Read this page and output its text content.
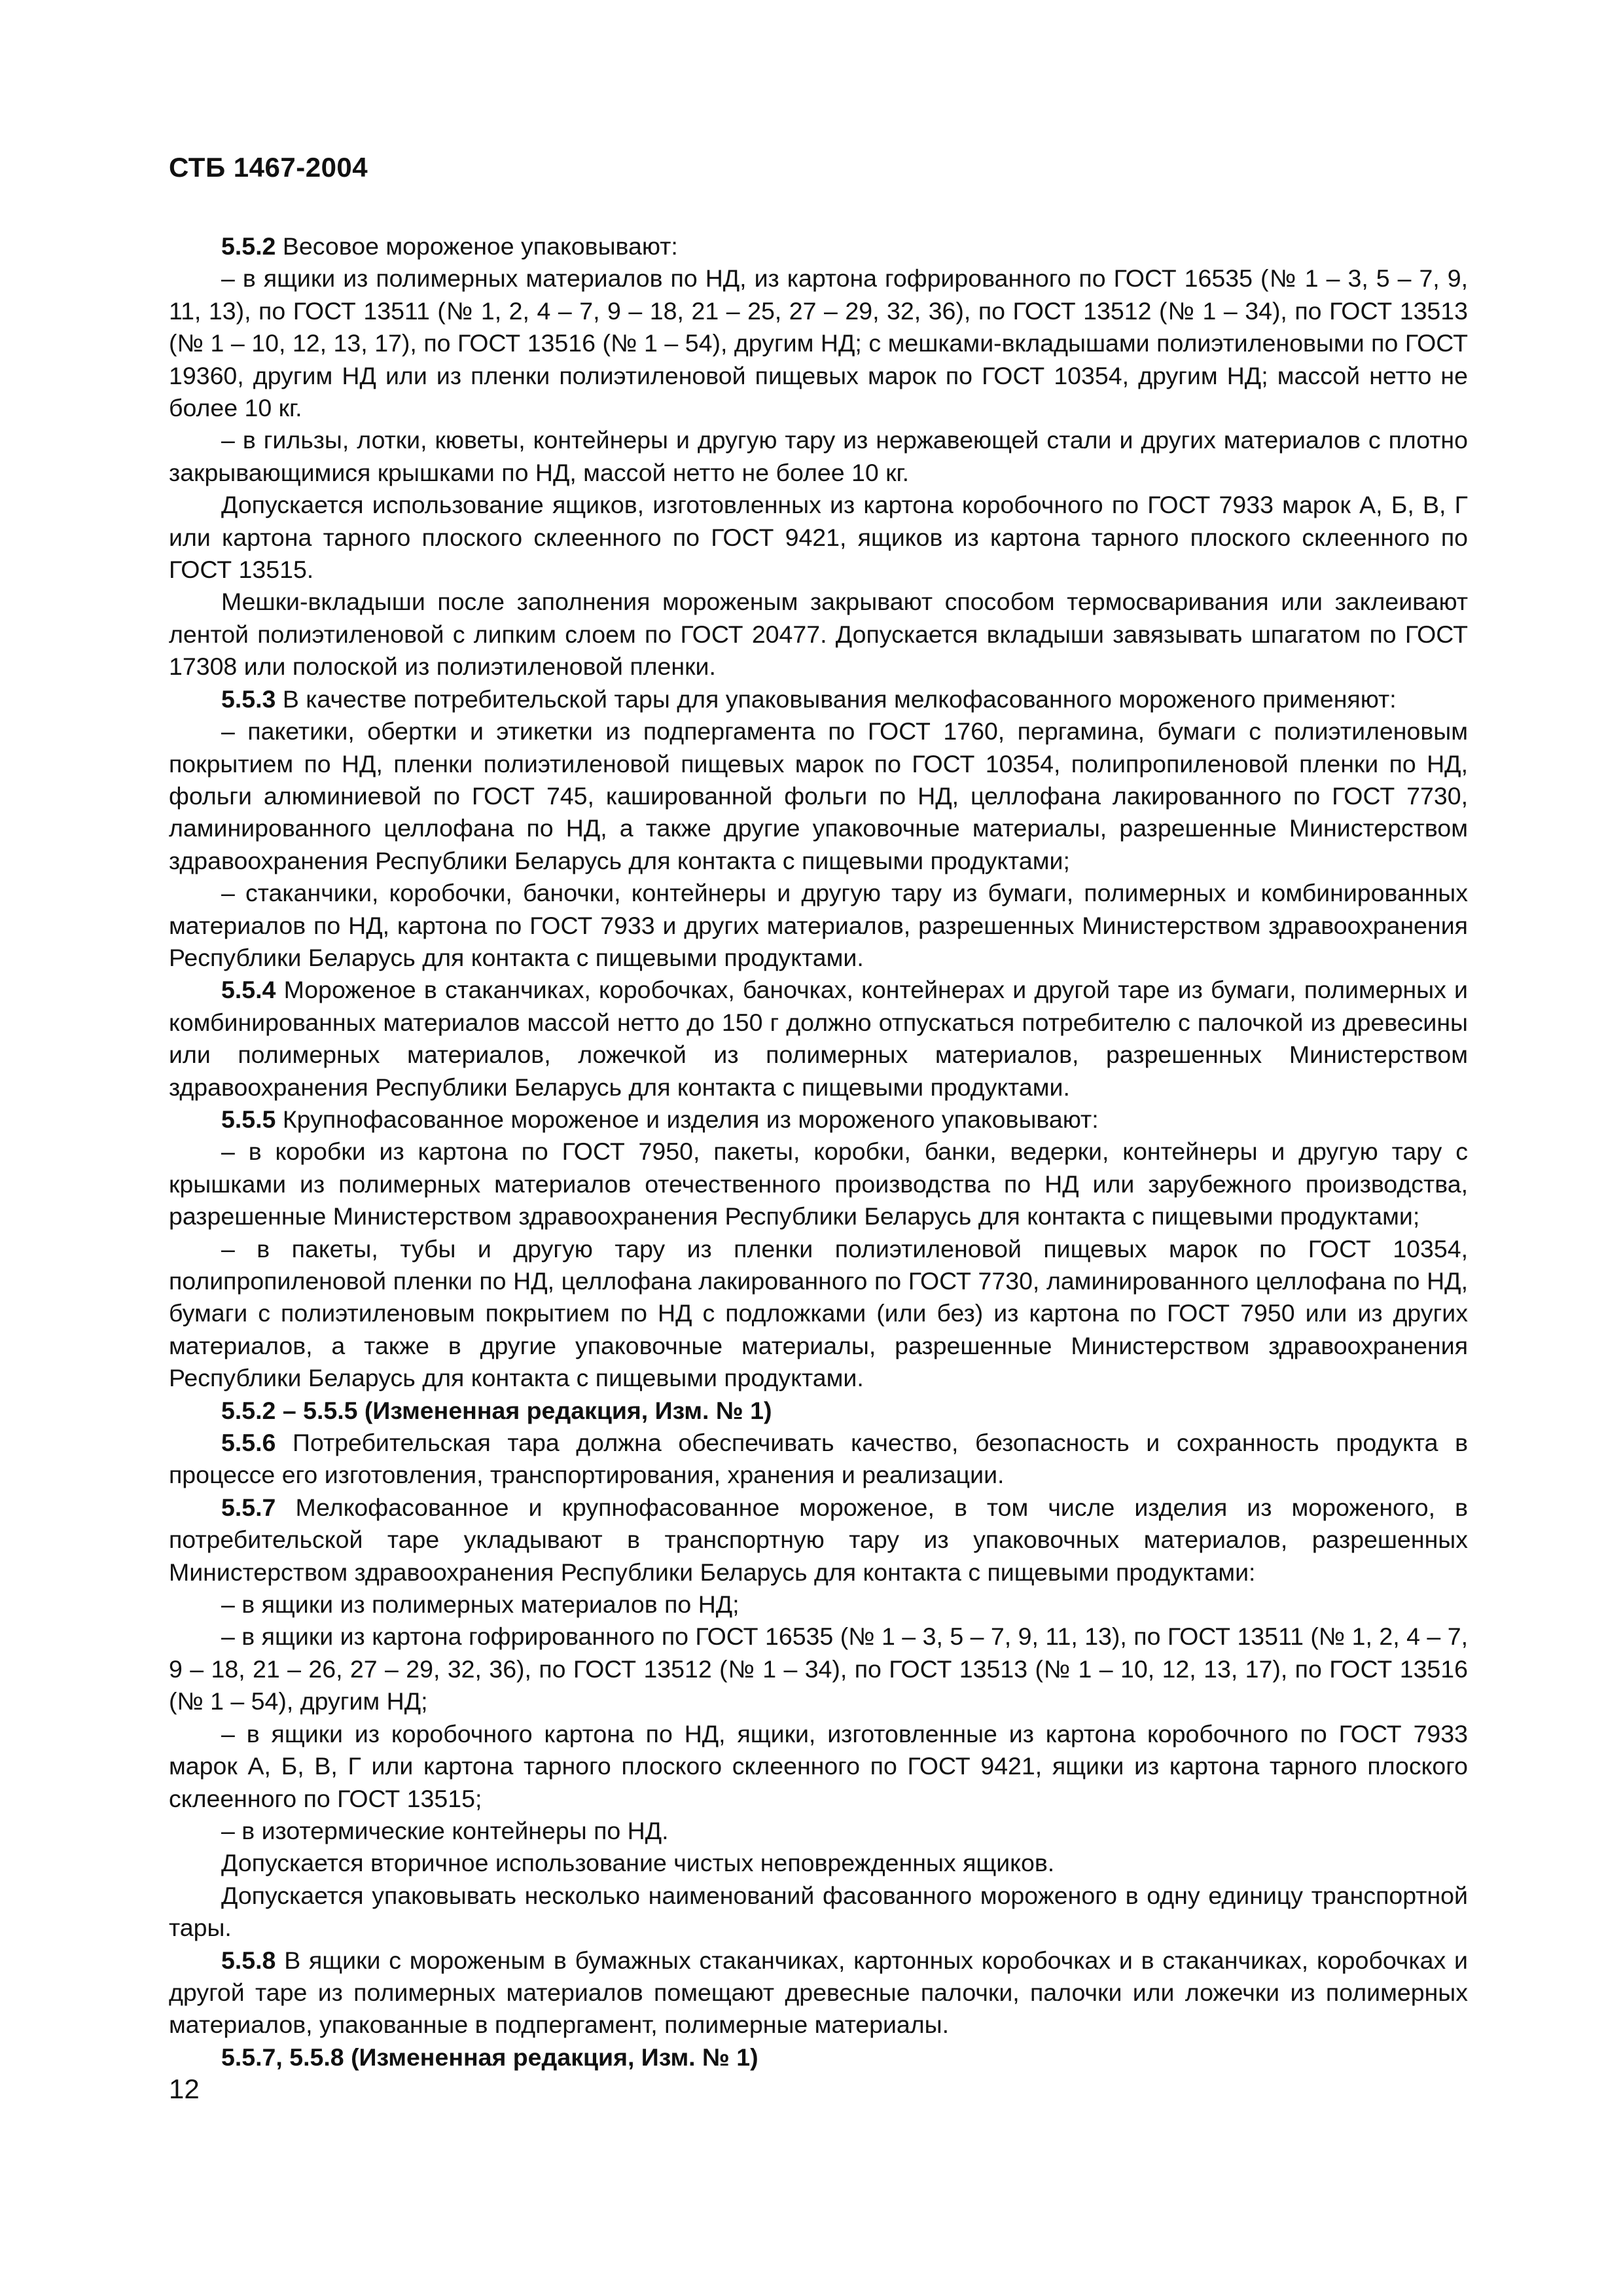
СТБ 1467-2004

5.5.2 Весовое мороженое упаковывают:

– в ящики из полимерных материалов по НД, из картона гофрированного по ГОСТ 16535 (№ 1 – 3, 5 – 7, 9, 11, 13), по ГОСТ 13511 (№ 1, 2, 4 – 7, 9 – 18, 21 – 25, 27 – 29, 32, 36), по ГОСТ 13512 (№ 1 – 34), по ГОСТ 13513 (№ 1 – 10, 12, 13, 17), по ГОСТ 13516 (№ 1 – 54), другим НД; с мешками-вкладышами полиэтиленовыми по ГОСТ 19360, другим НД или из пленки полиэтиленовой пищевых марок по ГОСТ 10354, другим НД; массой нетто не более 10 кг.

– в гильзы, лотки, кюветы, контейнеры и другую тару из нержавеющей стали и других материалов с плотно закрывающимися крышками по НД, массой нетто не более 10 кг.

Допускается использование ящиков, изготовленных из картона коробочного по ГОСТ 7933 марок А, Б, В, Г или картона тарного плоского склеенного по ГОСТ 9421, ящиков из картона тарного плоского склеенного по ГОСТ 13515.

Мешки-вкладыши после заполнения мороженым закрывают способом термосваривания или заклеивают лентой полиэтиленовой с липким слоем по ГОСТ 20477. Допускается вкладыши завязывать шпагатом по ГОСТ 17308 или полоской из полиэтиленовой пленки.

5.5.3 В качестве потребительской тары для упаковывания мелкофасованного мороженого применяют:

– пакетики, обертки и этикетки из подпергамента по ГОСТ 1760, пергамина, бумаги с полиэтиленовым покрытием по НД, пленки полиэтиленовой пищевых марок по ГОСТ 10354, полипропиленовой пленки по НД, фольги алюминиевой по ГОСТ 745, кашированной фольги по НД, целлофана лакированного по ГОСТ 7730, ламинированного целлофана по НД, а также другие упаковочные материалы, разрешенные Министерством здравоохранения Республики Беларусь для контакта с пищевыми продуктами;

– стаканчики, коробочки, баночки, контейнеры и другую тару из бумаги, полимерных и комбинированных материалов по НД, картона по ГОСТ 7933 и других материалов, разрешенных Министерством здравоохранения Республики Беларусь для контакта с пищевыми продуктами.

5.5.4 Мороженое в стаканчиках, коробочках, баночках, контейнерах и другой таре из бумаги, полимерных и комбинированных материалов массой нетто до 150 г должно отпускаться потребителю с палочкой из древесины или полимерных материалов, ложечкой из полимерных материалов, разрешенных Министерством здравоохранения Республики Беларусь для контакта с пищевыми продуктами.

5.5.5 Крупнофасованное мороженое и изделия из мороженого упаковывают:

– в коробки из картона по ГОСТ 7950, пакеты, коробки, банки, ведерки, контейнеры и другую тару с крышками из полимерных материалов отечественного производства по НД или зарубежного производства, разрешенные Министерством здравоохранения Республики Беларусь для контакта с пищевыми продуктами;

– в пакеты, тубы и другую тару из пленки полиэтиленовой пищевых марок по ГОСТ 10354, полипропиленовой пленки по НД, целлофана лакированного по ГОСТ 7730, ламинированного целлофана по НД, бумаги с полиэтиленовым покрытием по НД с подложками (или без) из картона по ГОСТ 7950 или из других материалов, а также в другие упаковочные материалы, разрешенные Министерством здравоохранения Республики Беларусь для контакта с пищевыми продуктами.

5.5.2 – 5.5.5 (Измененная редакция, Изм. № 1)

5.5.6 Потребительская тара должна обеспечивать качество, безопасность и сохранность продукта в процессе его изготовления, транспортирования, хранения и реализации.

5.5.7 Мелкофасованное и крупнофасованное мороженое, в том числе изделия из мороженого, в потребительской таре укладывают в транспортную тару из упаковочных материалов, разрешенных Министерством здравоохранения Республики Беларусь для контакта с пищевыми продуктами:

– в ящики из полимерных материалов по НД;

– в ящики из картона гофрированного по ГОСТ 16535 (№ 1 – 3, 5 – 7, 9, 11, 13), по ГОСТ 13511 (№ 1, 2, 4 – 7, 9 – 18, 21 – 26, 27 – 29, 32, 36), по ГОСТ 13512 (№ 1 – 34), по ГОСТ 13513 (№ 1 – 10, 12, 13, 17), по ГОСТ 13516 (№ 1 – 54), другим НД;

– в ящики из коробочного картона по НД, ящики, изготовленные из картона коробочного по ГОСТ 7933 марок А, Б, В, Г или картона тарного плоского склеенного по ГОСТ 9421, ящики из картона тарного плоского склеенного по ГОСТ 13515;

– в изотермические контейнеры по НД.

Допускается вторичное использование чистых неповрежденных ящиков.

Допускается упаковывать несколько наименований фасованного мороженого в одну единицу транспортной тары.

5.5.8 В ящики с мороженым в бумажных стаканчиках, картонных коробочках и в стаканчиках, коробочках и другой таре из полимерных материалов помещают древесные палочки, палочки или ложечки из полимерных материалов, упакованные в подпергамент, полимерные материалы.

5.5.7, 5.5.8 (Измененная редакция, Изм. № 1)

12
